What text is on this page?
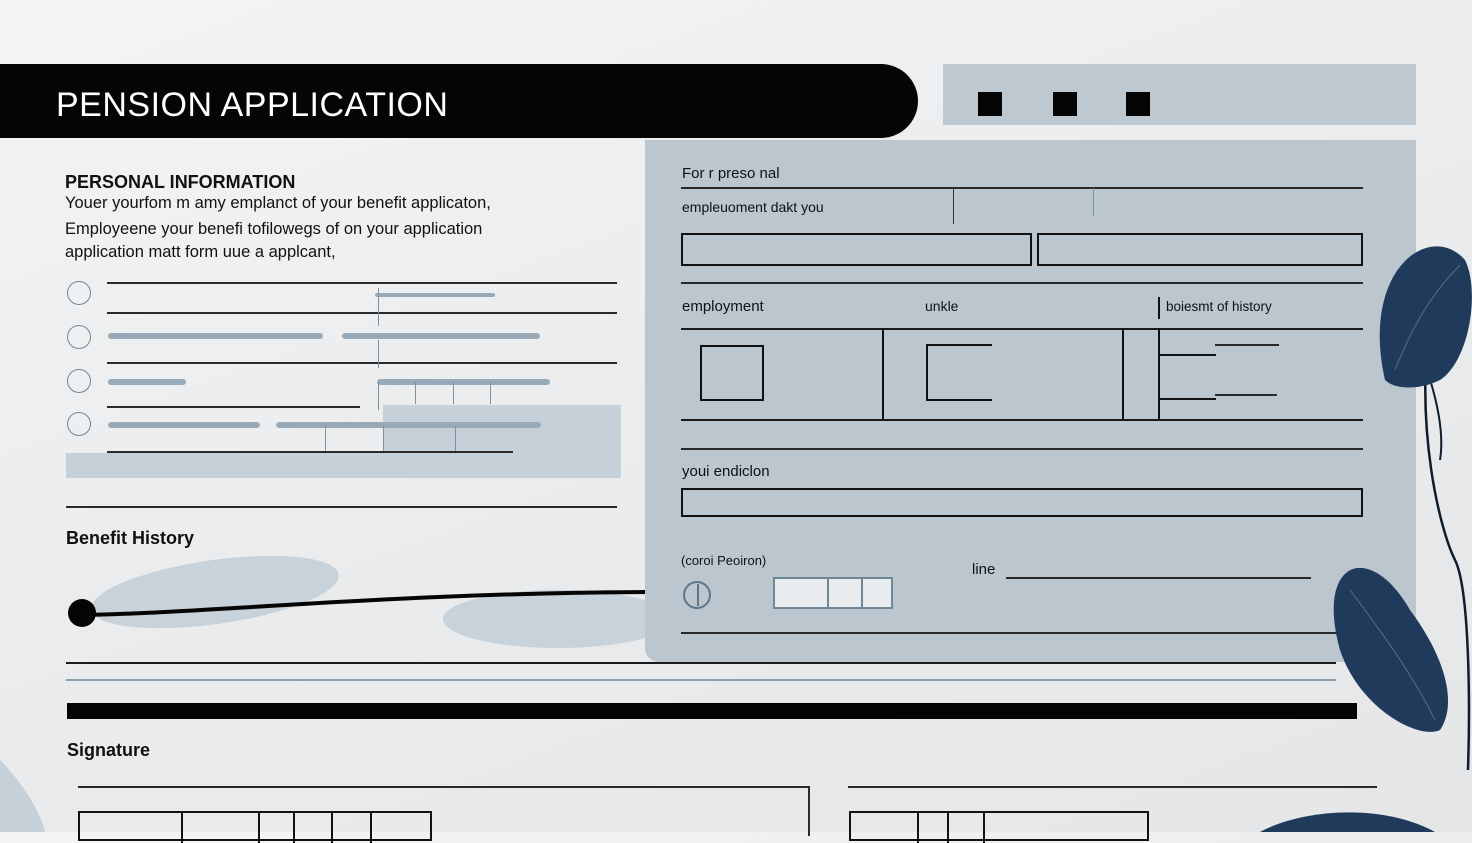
PENSION APPLICATION
PERSONAL INFORMATION
Youer yourfom m amy emplanct of your benefit applicaton,
Employeene your benefi tofilowegs of on your application
application matt form uue a applcant,
Benefit History
Signature
For r preso nal
empleuoment dakt you
employment	unkle	boiesmt of history
youi endiclon
(coroi Peoiron)
line
